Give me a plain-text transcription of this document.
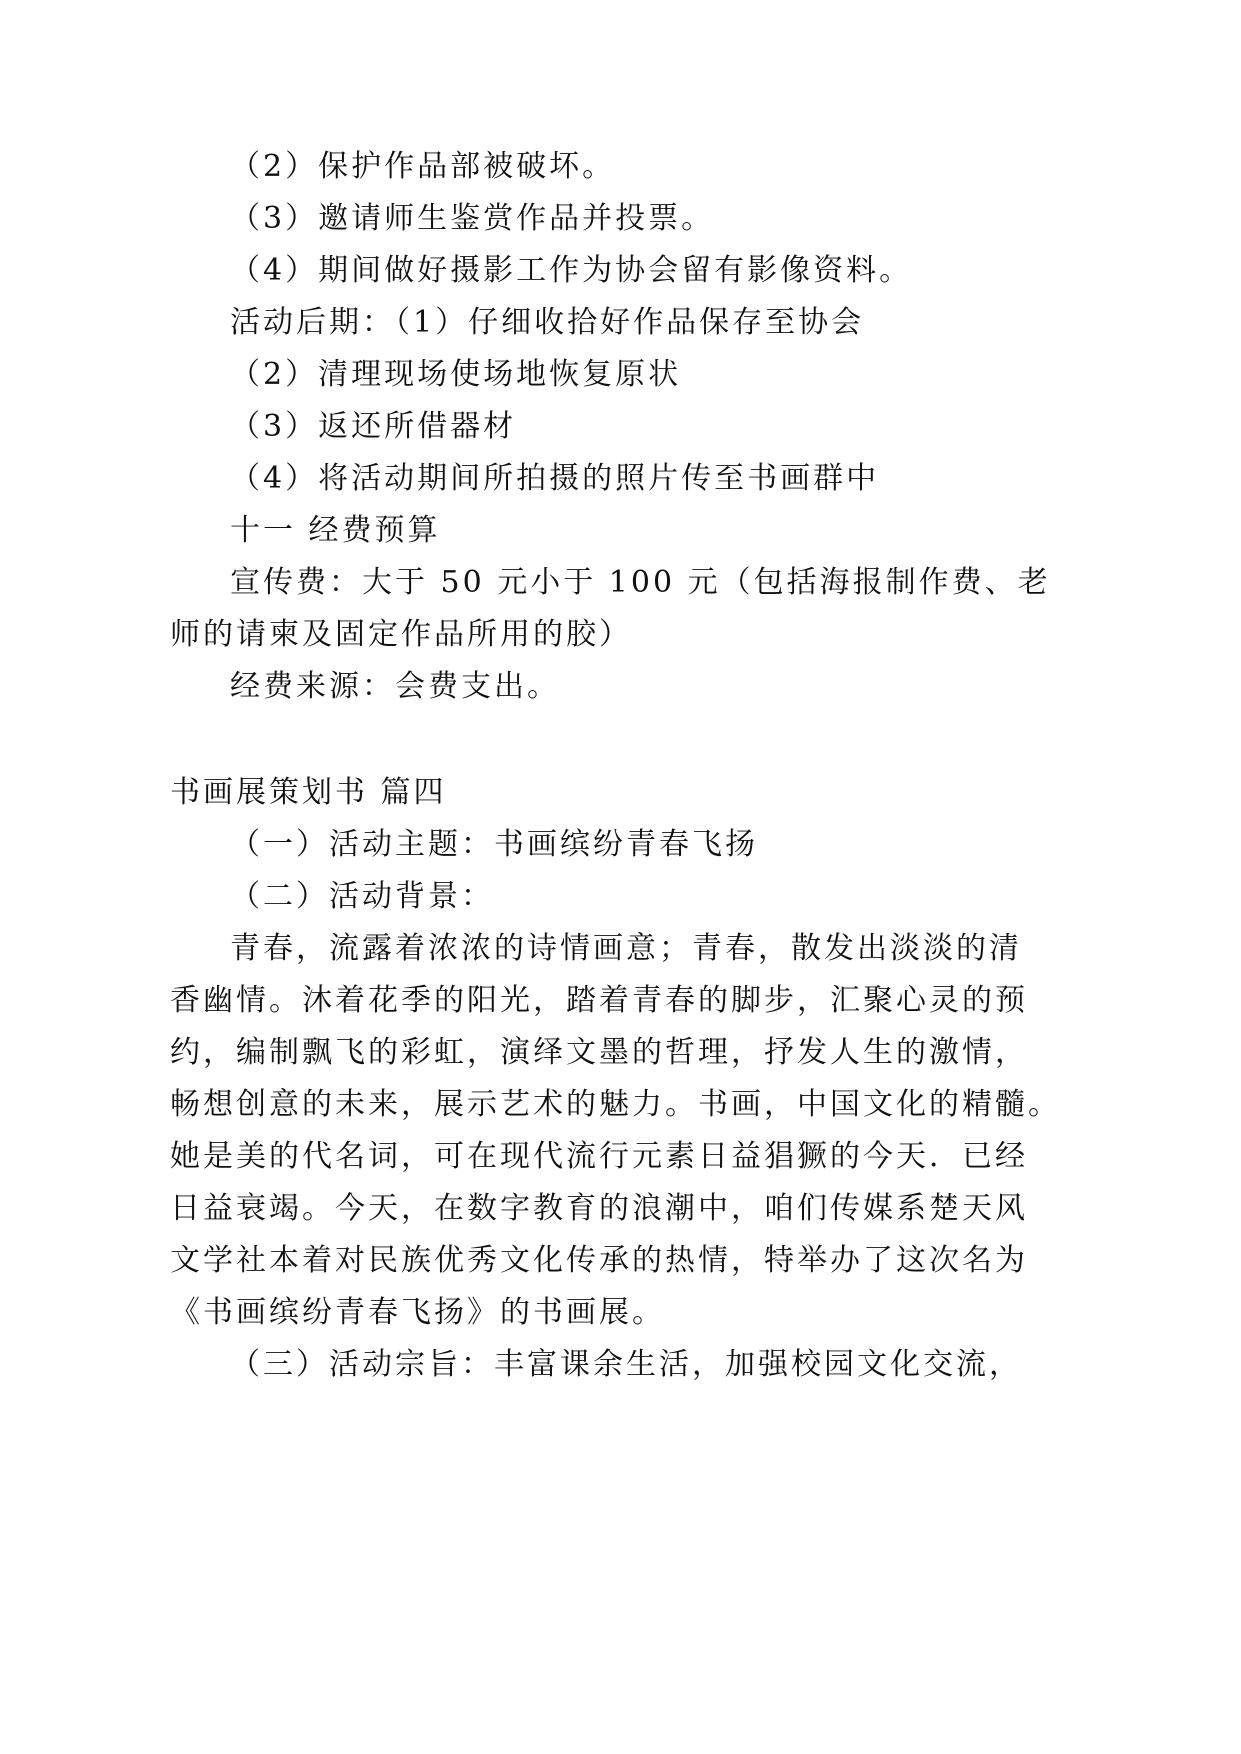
（2）保护作品部被破坏。
（3）邀请师生鉴赏作品并投票。
（4）期间做好摄影工作为协会留有影像资料。
活动后期：（1）仔细收拾好作品保存至协会
（2）清理现场使场地恢复原状
（3）返还所借器材
（4）将活动期间所拍摄的照片传至书画群中
十一 经费预算
宣传费：大于 50 元小于 100 元（包括海报制作费、老
师的请柬及固定作品所用的胶）
经费来源：会费支出。
书画展策划书 篇四
（一）活动主题：书画缤纷青春飞扬
（二）活动背景：
青春，流露着浓浓的诗情画意；青春，散发出淡淡的清
香幽情。沐着花季的阳光，踏着青春的脚步，汇聚心灵的预
约，编制飘飞的彩虹，演绎文墨的哲理，抒发人生的激情，
畅想创意的未来，展示艺术的魅力。书画，中国文化的精髓。
她是美的代名词，可在现代流行元素日益猖獗的今天．已经
日益衰竭。今天，在数字教育的浪潮中，咱们传媒系楚天风
文学社本着对民族优秀文化传承的热情，特举办了这次名为
《书画缤纷青春飞扬》的书画展。
（三）活动宗旨：丰富课余生活，加强校园文化交流，
